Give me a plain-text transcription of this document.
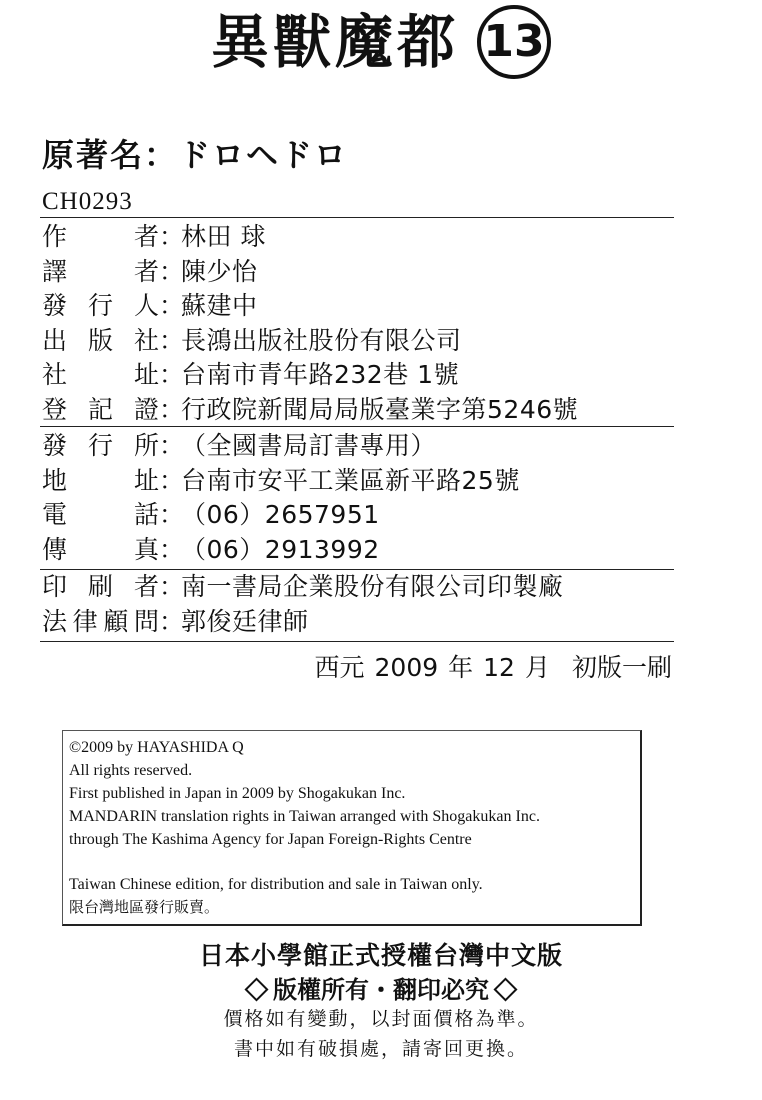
異獸魔都 13
原著名：ドロヘドロ
CH0293
作	者 ：
林田 球
譯	者 ：
陳少怡
發 行 人 ：
蘇建中
出 版 社 ：
長鴻出版社股份有限公司
社	址 ：
台南市青年路232巷 1號
登 記 證 ：
行政院新聞局局版臺業字第5246號
發 行 所 ：
（全國書局訂書專用）
地	址 ：
台南市安平工業區新平路25號
電	話 ：
（06）2657951
傳	真 ：
（06）2913992
印 刷 者 ：
南一書局企業股份有限公司印製廠
法 律 顧 問 ：
郭俊廷律師
西元 2009 年 12 月 初版一刷
©2009 by HAYASHIDA Q
All rights reserved.
First published in Japan in 2009 by Shogakukan Inc.
MANDARIN translation rights in Taiwan arranged with Shogakukan Inc.
through The Kashima Agency for Japan Foreign-Rights Centre
Taiwan Chinese edition, for distribution and sale in Taiwan only.
限台灣地區發行販賣。
日本小學館正式授權台灣中文版
版權所有・翻印必究
價格如有變動，以封面價格為準。
書中如有破損處，請寄回更換。
